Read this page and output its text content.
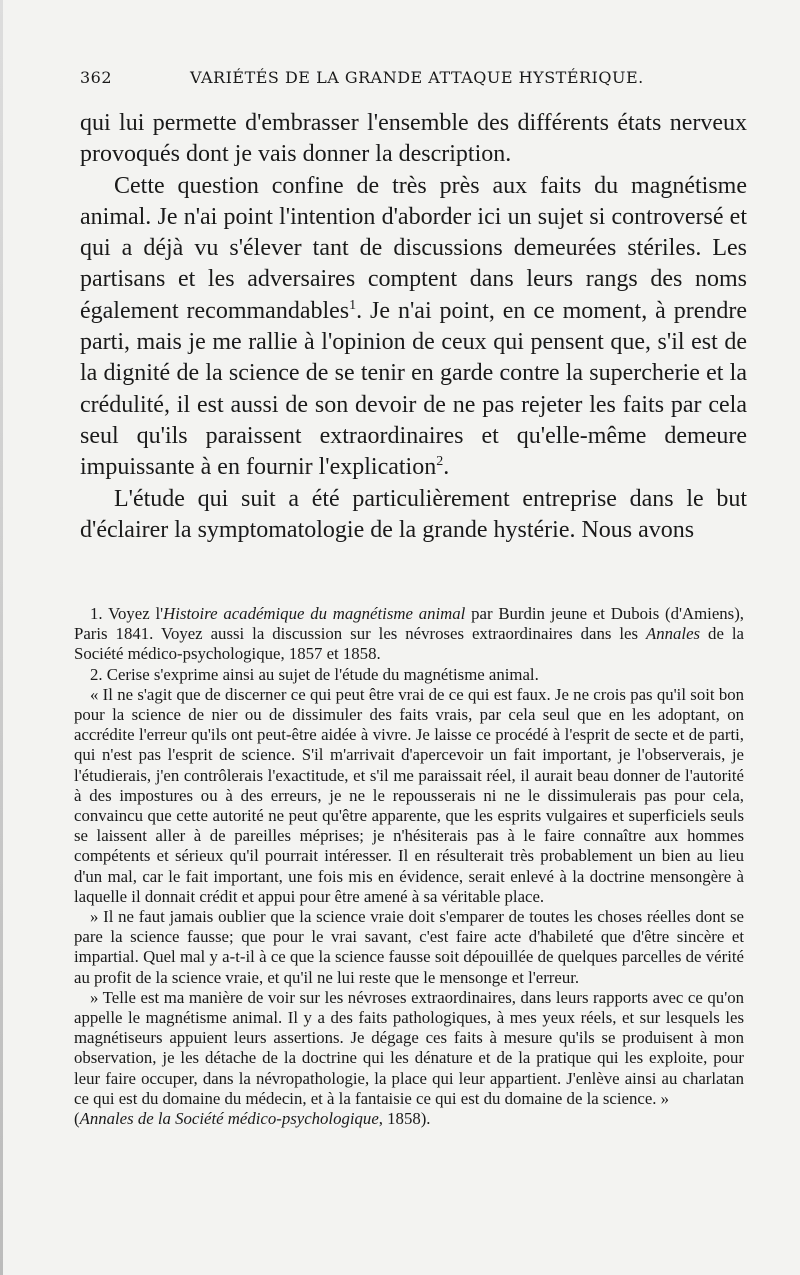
362	VARIÉTÉS DE LA GRANDE ATTAQUE HYSTÉRIQUE.

qui lui permette d'embrasser l'ensemble des différents états nerveux provoqués dont je vais donner la description.

Cette question confine de très près aux faits du magnétisme animal. Je n'ai point l'intention d'aborder ici un sujet si controversé et qui a déjà vu s'élever tant de discussions demeurées stériles. Les partisans et les adversaires comptent dans leurs rangs des noms également recommandables$^1$. Je n'ai point, en ce moment, à prendre parti, mais je me rallie à l'opinion de ceux qui pensent que, s'il est de la dignité de la science de se tenir en garde contre la supercherie et la crédulité, il est aussi de son devoir de ne pas rejeter les faits par cela seul qu'ils paraissent extraordinaires et qu'elle-même demeure impuissante à en fournir l'explication$^2$.

L'étude qui suit a été particulièrement entreprise dans le but d'éclairer la symptomatologie de la grande hystérie. Nous avons

1. Voyez l'Histoire académique du magnétisme animal par Burdin jeune et Dubois (d'Amiens), Paris 1841. Voyez aussi la discussion sur les névroses extraordinaires dans les Annales de la Société médico-psychologique, 1857 et 1858.

2. Cerise s'exprime ainsi au sujet de l'étude du magnétisme animal.

« Il ne s'agit que de discerner ce qui peut être vrai de ce qui est faux. Je ne crois pas qu'il soit bon pour la science de nier ou de dissimuler des faits vrais, par cela seul que en les adoptant, on accrédite l'erreur qu'ils ont peut-être aidée à vivre. Je laisse ce procédé à l'esprit de secte et de parti, qui n'est pas l'esprit de science. S'il m'arrivait d'apercevoir un fait important, je l'observerais, je l'étudierais, j'en contrôlerais l'exactitude, et s'il me paraissait réel, il aurait beau donner de l'autorité à des impostures ou à des erreurs, je ne le repousserais ni ne le dissimulerais pas pour cela, convaincu que cette autorité ne peut qu'être apparente, que les esprits vulgaires et superficiels seuls se laissent aller à de pareilles méprises; je n'hésiterais pas à le faire connaître aux hommes compétents et sérieux qu'il pourrait intéresser. Il en résulterait très probablement un bien au lieu d'un mal, car le fait important, une fois mis en évidence, serait enlevé à la doctrine mensongère à laquelle il donnait crédit et appui pour être amené à sa véritable place.

» Il ne faut jamais oublier que la science vraie doit s'emparer de toutes les choses réelles dont se pare la science fausse; que pour le vrai savant, c'est faire acte d'habileté que d'être sincère et impartial. Quel mal y a-t-il à ce que la science fausse soit dépouillée de quelques parcelles de vérité au profit de la science vraie, et qu'il ne lui reste que le mensonge et l'erreur.

» Telle est ma manière de voir sur les névroses extraordinaires, dans leurs rapports avec ce qu'on appelle le magnétisme animal. Il y a des faits pathologiques, à mes yeux réels, et sur lesquels les magnétiseurs appuient leurs assertions. Je dégage ces faits à mesure qu'ils se produisent à mon observation, je les détache de la doctrine qui les dénature et de la pratique qui les exploite, pour leur faire occuper, dans la névropathologie, la place qui leur appartient. J'enlève ainsi au charlatan ce qui est du domaine du médecin, et à la fantaisie ce qui est du domaine de la science. »

(Annales de la Société médico-psychologique, 1858).
